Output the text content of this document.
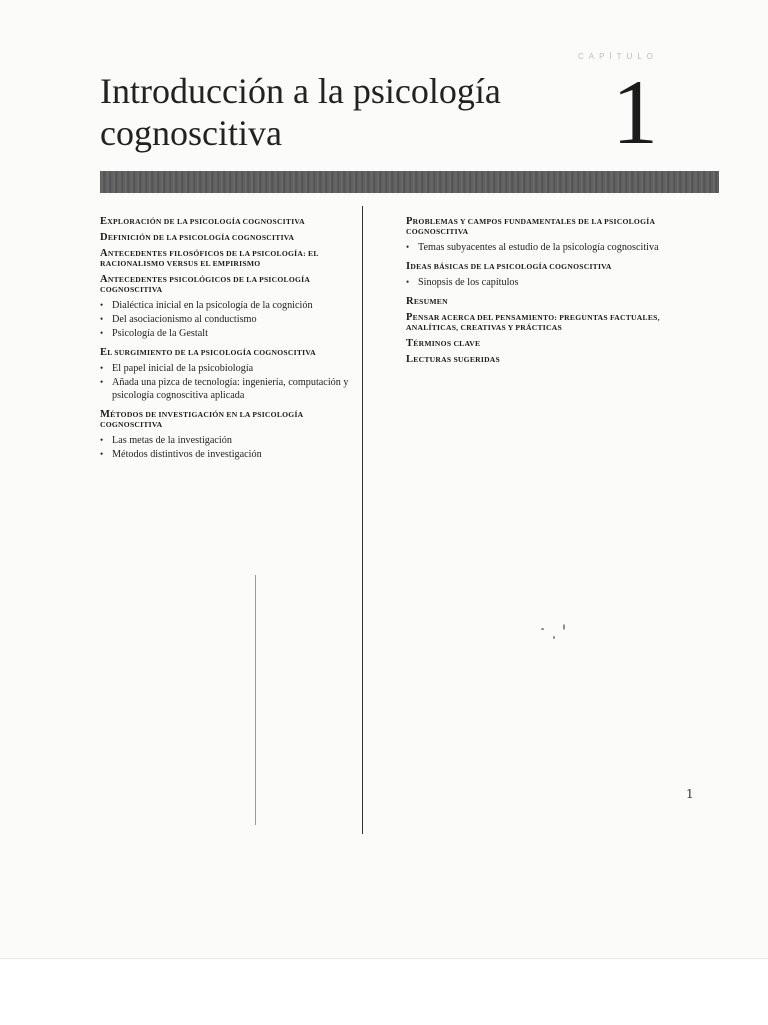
CAPÍTULO
Introducción a la psicología
cognoscitiva	1
EXPLORACIÓN DE LA PSICOLOGÍA COGNOSCITIVA
DEFINICIÓN DE LA PSICOLOGÍA COGNOSCITIVA
ANTECEDENTES FILOSÓFICOS DE LA PSICOLOGÍA: EL RACIONALISMO VERSUS EL EMPIRISMO
ANTECEDENTES PSICOLÓGICOS DE LA PSICOLOGÍA COGNOSCITIVA
• Dialéctica inicial en la psicología de la cognición
• Del asociacionismo al conductismo
• Psicología de la Gestalt
EL SURGIMIENTO DE LA PSICOLOGÍA COGNOSCITIVA
• El papel inicial de la psicobiología
• Añada una pizca de tecnología: ingeniería, computación y psicología cognoscitiva aplicada
MÉTODOS DE INVESTIGACIÓN EN LA PSICOLOGÍA COGNOSCITIVA
• Las metas de la investigación
• Métodos distintivos de investigación
PROBLEMAS Y CAMPOS FUNDAMENTALES DE LA PSICOLOGÍA COGNOSCITIVA
• Temas subyacentes al estudio de la psicología cognoscitiva
IDEAS BÁSICAS DE LA PSICOLOGÍA COGNOSCITIVA
• Sinopsis de los capítulos
RESUMEN
PENSAR ACERCA DEL PENSAMIENTO: PREGUNTAS FACTUALES, ANALÍTICAS, CREATIVAS Y PRÁCTICAS
TÉRMINOS CLAVE
LECTURAS SUGERIDAS
1
